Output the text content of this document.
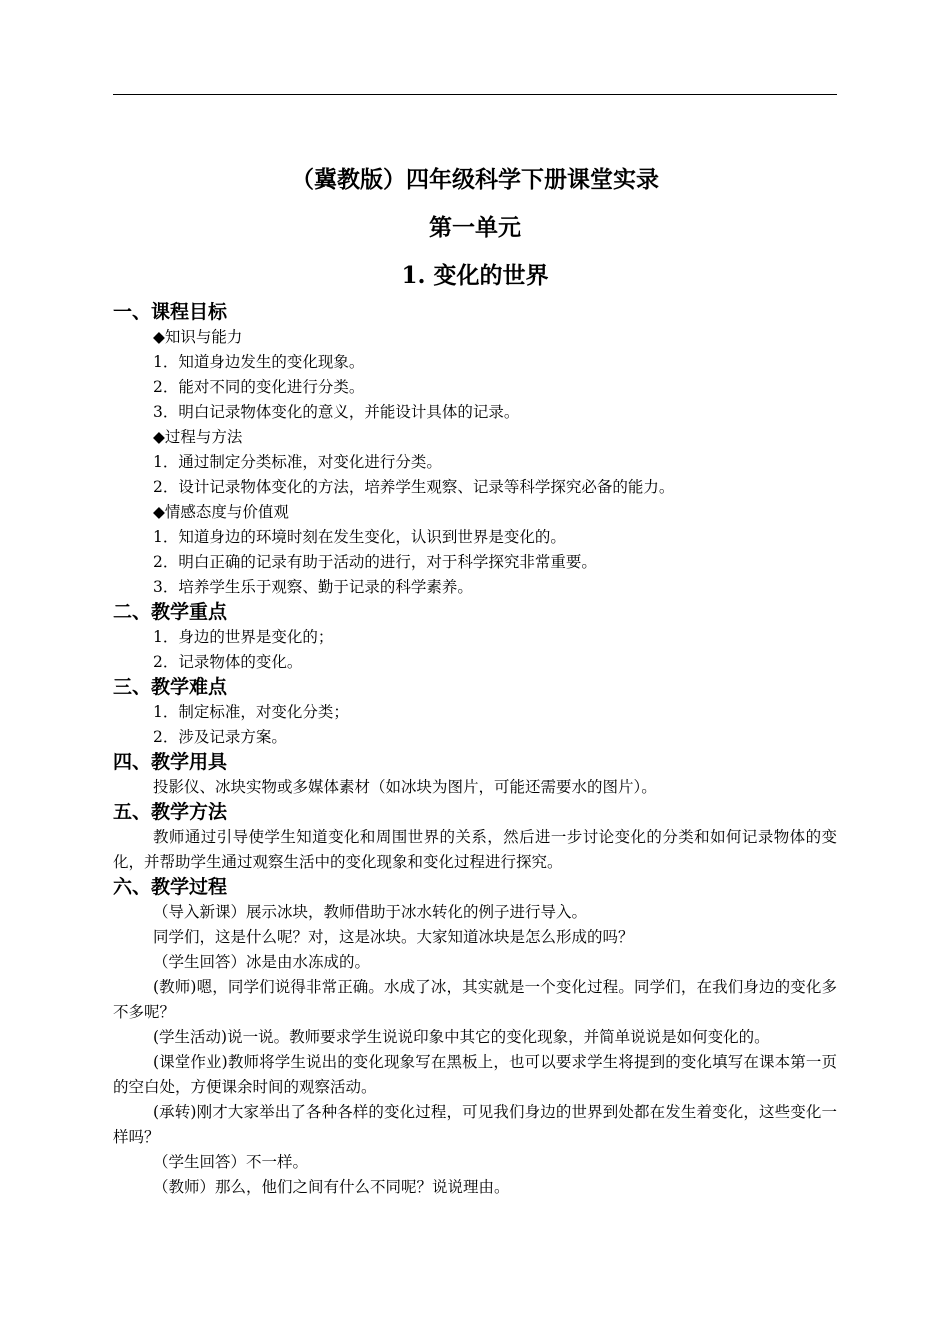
（冀教版）四年级科学下册课堂实录
第一单元
1. 变化的世界
一、课程目标
◆知识与能力
1．知道身边发生的变化现象。
2．能对不同的变化进行分类。
3．明白记录物体变化的意义，并能设计具体的记录。
◆过程与方法
1．通过制定分类标准，对变化进行分类。
2．设计记录物体变化的方法，培养学生观察、记录等科学探究必备的能力。
◆情感态度与价值观
1．知道身边的环境时刻在发生变化，认识到世界是变化的。
2．明白正确的记录有助于活动的进行，对于科学探究非常重要。
3．培养学生乐于观察、勤于记录的科学素养。
二、教学重点
1．身边的世界是变化的；
2．记录物体的变化。
三、教学难点
1．制定标准，对变化分类；
2．涉及记录方案。
四、教学用具
投影仪、冰块实物或多媒体素材（如冰块为图片，可能还需要水的图片）。
五、教学方法
教师通过引导使学生知道变化和周围世界的关系，然后进一步讨论变化的分类和如何记录物体的变化，并帮助学生通过观察生活中的变化现象和变化过程进行探究。
六、教学过程
（导入新课）展示冰块，教师借助于冰水转化的例子进行导入。
同学们，这是什么呢？对，这是冰块。大家知道冰块是怎么形成的吗？
（学生回答）冰是由水冻成的。
(教师)嗯，同学们说得非常正确。水成了冰，其实就是一个变化过程。同学们，在我们身边的变化多不多呢？
(学生活动)说一说。教师要求学生说说印象中其它的变化现象，并简单说说是如何变化的。
(课堂作业)教师将学生说出的变化现象写在黑板上，也可以要求学生将提到的变化填写在课本第一页的空白处，方便课余时间的观察活动。
(承转)刚才大家举出了各种各样的变化过程，可见我们身边的世界到处都在发生着变化，这些变化一样吗？
（学生回答）不一样。
（教师）那么，他们之间有什么不同呢？说说理由。
